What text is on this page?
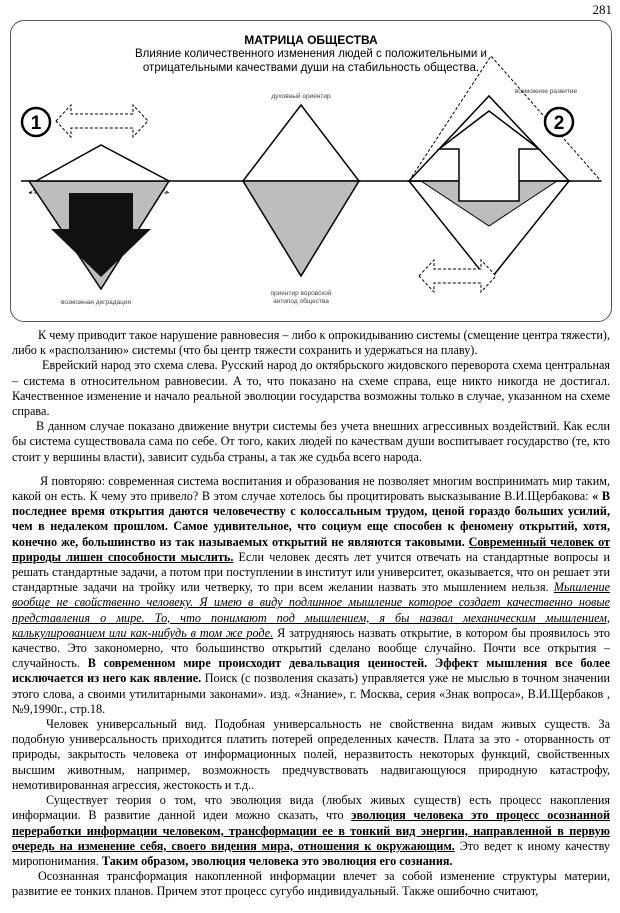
281
МАТРИЦА ОБЩЕСТВА
Влияние количественного изменения людей с положительными и
отрицательными качествами души на стабильность общества.
1
возможная деградация
духовный ориентир
ориентир воровской
антипод общества
возможное развитие
2

К чему приводит такое нарушение равновесия – либо к опрокидыванию системы (смещение центра тяжести), либо к «расползанию» системы (что бы центр тяжести сохранить и удержаться на плаву).

Еврейский народ это схема слева. Русский народ до октябрьского жидовского переворота схема центральная – система в относительном равновесии. А то, что показано на схеме справа, еще никто никогда не достигал. Качественное изменение и начало реальной эволюции государства возможны только в случае, указанном на схеме справа.

В данном случае показано движение внутри системы без учета внешних агрессивных воздействий. Как если бы система существовала сама по себе. От того, каких людей по качествам души воспитывает государство (те, кто стоит у вершины власти), зависит судьба страны, а так же судьба всего народа.

Я повторяю: современная система воспитания и образования не позволяет многим воспринимать мир таким, какой он есть. К чему это привело? В этом случае хотелось бы процитировать высказывание В.И.Щербакова: « В последнее время открытия даются человечеству с колоссальным трудом, ценой гораздо больших усилий, чем в недалеком прошлом. Самое удивительное, что социум еще способен к феномену открытий, хотя, конечно же, большинство из так называемых открытий не являются таковыми. Современный человек от природы лишен способности мыслить. Если человек десять лет учится отвечать на стандартные вопросы и решать стандартные задачи, а потом при поступлении в институт или университет, оказывается, что он решает эти стандартные задачи на тройку или четверку, то при всем желании назвать это мышлением нельзя. Мышление вообще не свойственно человеку. Я имею в виду подлинное мышление которое создает качественно новые представления о мире. То, что понимают под мышлением, я бы назвал механическим мышлением, калькулированием или как-нибудь в том же роде. Я затрудняюсь назвать открытие, в котором бы проявилось это качество. Это закономерно, что большинство открытий сделано вообще случайно. Почти все открытия – случайность. В современном мире происходит девальвация ценностей. Эффект мышления все более исключается из него как явление. Поиск (с позволения сказать) управляется уже не мыслью в точном значении этого слова, а своими утилитарными законами». изд. «Знание», г. Москва, серия «Знак вопроса», В.И.Щербаков , №9,1990г., стр.18.

Человек универсальный вид. Подобная универсальность не свойственна видам живых существ. За подобную универсальность приходится платить потерей определенных качеств. Плата за это - оторванность от природы, закрытость человека от информационных полей, неразвитость некоторых функций, свойственных высшим животным, например, возможность предчувствовать надвигающуюся природную катастрофу, немотивированная агрессия, жестокость и т.д..

Существует теория о том, что эволюция вида (любых живых существ) есть процесс накопления информации. В развитие данной идеи можно сказать, что эволюция человека это процесс осознанной переработки информации человеком, трансформации ее в тонкий вид энергии, направленной в первую очередь на изменение себя, своего видения мира, отношения к окружающим. Это ведет к иному качеству миропонимания. Таким образом, эволюция человека это эволюция его сознания.

Осознанная трансформация накопленной информации влечет за собой изменение структуры материи, развитие ее тонких планов. Причем этот процесс сугубо индивидуальный. Также ошибочно считают,
